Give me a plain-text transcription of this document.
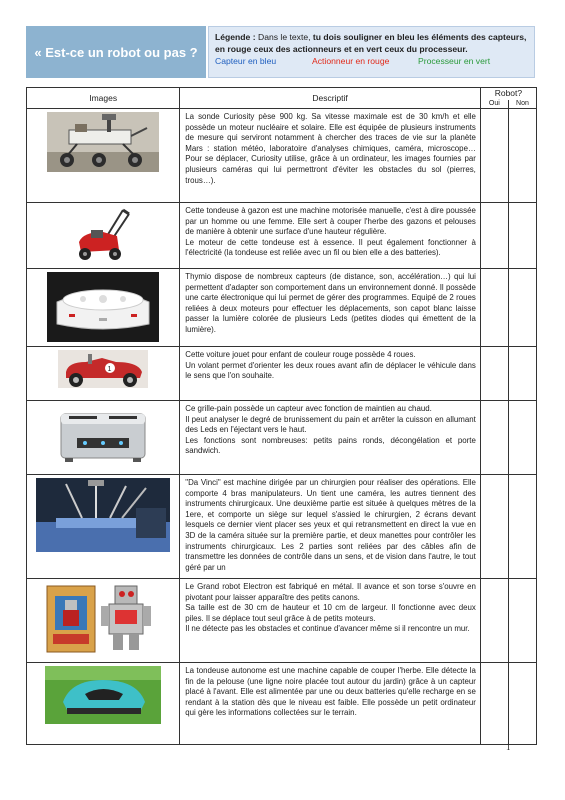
« Est-ce un robot ou pas ?
Légende : Dans le texte, tu dois souligner en bleu les éléments des capteurs, en rouge ceux des actionneurs et en vert ceux du processeur.
Capteur en bleu	Actionneur en rouge	Processeur en vert
Images	Descriptif	Robot?	
		Oui	Non

La sonde Curiosity pèse 900 kg. Sa vitesse maximale est de 30 km/h et elle possède un moteur nucléaire et solaire. Elle est équipée de plusieurs instruments de mesure qui serviront notamment à chercher des traces de vie sur la planète Mars : station météo, laboratoire d'analyses chimiques, caméra, microscope… Pour se déplacer, Curiosity utilise, grâce à un ordinateur, les images fournies par plusieurs caméras qui lui permettront d'éviter les obstacles du sol (pierres, trous…).		

Cette tondeuse à gazon est une machine motorisée manuelle, c'est à dire poussée par un homme ou une femme. Elle sert à couper l'herbe des gazons et pelouses de manière à obtenir une surface d'une hauteur régulière.

Le moteur de cette tondeuse est à essence. Il peut également fonctionner à l'électricité (la tondeuse est reliée avec un fil ou bien elle a des batteries).		

Thymio dispose de nombreux capteurs (de distance, son, accélération…) qui lui permettent d'adapter son comportement dans un environnement donné. Il possède une carte électronique qui lui permet de gérer des programmes. Equipé de 2 roues reliées à deux moteurs pour effectuer les déplacements, son capot blanc laisse passer la lumière colorée de plusieurs Leds (petites diodes qui émettent de la lumière).		

1	Cette voiture jouet pour enfant de couleur rouge possède 4 roues.

Un volant permet d'orienter les deux roues avant afin de déplacer le véhicule dans le sens que l'on souhaite.		

Ce grille-pain possède un capteur avec fonction de maintien au chaud.

Il peut analyser le degré de brunissement du pain et arrêter la cuisson en allumant des Leds en l'éjectant vers le haut.

Les fonctions sont nombreuses: petits pains ronds, décongélation et porte sandwich.		

"Da Vinci" est machine dirigée par un chirurgien pour réaliser des opérations. Elle comporte 4 bras manipulateurs. Un tient une caméra, les autres tiennent des instruments chirurgicaux. Une deuxième partie est située à quelques mètres de la 1ere, et comporte un siège sur lequel s'assied le chirurgien, 2 écrans devant lesquels ce dernier vient placer ses yeux et qui retransmettent en direct la vue en 3D de la caméra située sur la première partie, et deux manettes pour contrôler les instruments chirurgicaux. Les 2 parties sont reliées par des câbles afin de transmettre les données de contrôle dans un sens, et de vision dans l'autre, le tout géré par un		

Le Grand robot Electron est fabriqué en métal. Il avance et son torse s'ouvre en pivotant pour laisser apparaître des petits canons.

Sa taille est de 30 cm de hauteur et 10 cm de largeur. Il fonctionne avec deux piles. Il se déplace tout seul grâce à de petits moteurs.

Il ne détecte pas les obstacles et continue d'avancer même si il rencontre un mur.		

La tondeuse autonome est une machine capable de couper l'herbe. Elle détecte la fin de la pelouse (une ligne noire placée tout autour du jardin) grâce à un capteur placé à l'avant. Elle est alimentée par une ou deux batteries qu'elle recharge en se rendant à la station dès que le niveau est faible. Elle possède un petit ordinateur qui gère les informations collectées sur le terrain.		

1
